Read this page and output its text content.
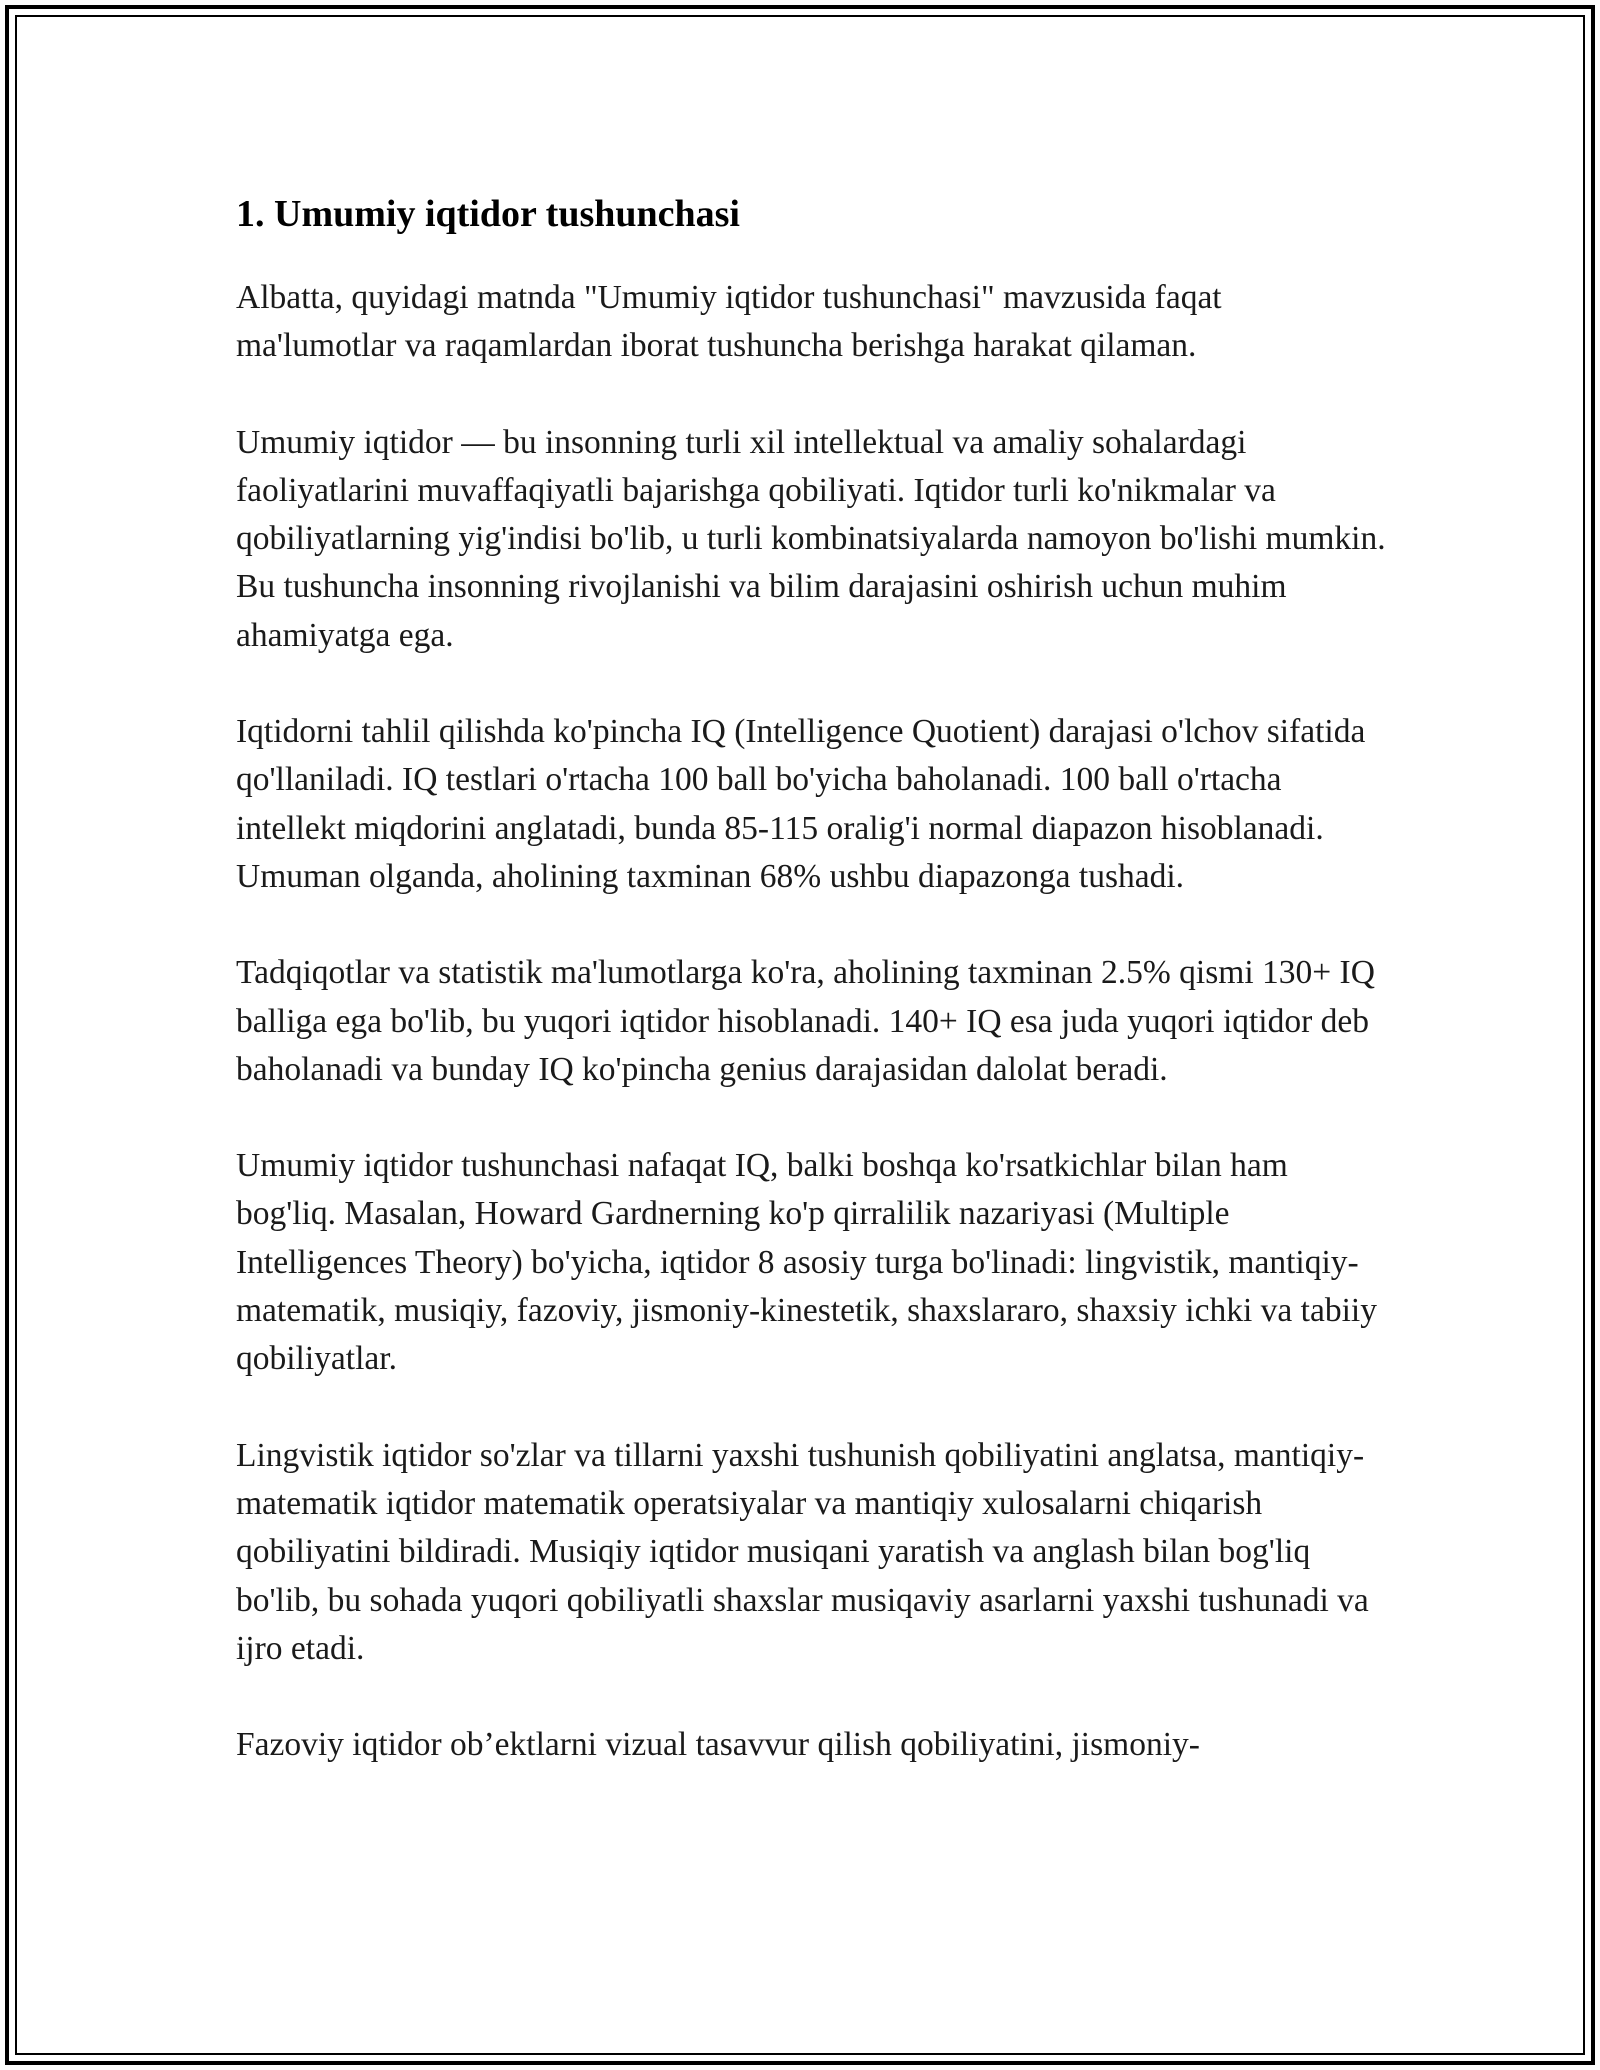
1. Umumiy iqtidor tushunchasi

Albatta, quyidagi matnda "Umumiy iqtidor tushunchasi" mavzusida faqat ma'lumotlar va raqamlardan iborat tushuncha berishga harakat qilaman.

Umumiy iqtidor — bu insonning turli xil intellektual va amaliy sohalardagi faoliyatlarini muvaffaqiyatli bajarishga qobiliyati. Iqtidor turli ko'nikmalar va qobiliyatlarning yig'indisi bo'lib, u turli kombinatsiyalarda namoyon bo'lishi mumkin. Bu tushuncha insonning rivojlanishi va bilim darajasini oshirish uchun muhim ahamiyatga ega.

Iqtidorni tahlil qilishda ko'pincha IQ (Intelligence Quotient) darajasi o'lchov sifatida qo'llaniladi. IQ testlari o'rtacha 100 ball bo'yicha baholanadi. 100 ball o'rtacha intellekt miqdorini anglatadi, bunda 85-115 oralig'i normal diapazon hisoblanadi. Umuman olganda, aholining taxminan 68% ushbu diapazonga tushadi.

Tadqiqotlar va statistik ma'lumotlarga ko'ra, aholining taxminan 2.5% qismi 130+ IQ balliga ega bo'lib, bu yuqori iqtidor hisoblanadi. 140+ IQ esa juda yuqori iqtidor deb baholanadi va bunday IQ ko'pincha genius darajasidan dalolat beradi.

Umumiy iqtidor tushunchasi nafaqat IQ, balki boshqa ko'rsatkichlar bilan ham bog'liq. Masalan, Howard Gardnerning ko'p qirralilik nazariyasi (Multiple Intelligences Theory) bo'yicha, iqtidor 8 asosiy turga bo'linadi: lingvistik, mantiqiy-matematik, musiqiy, fazoviy, jismoniy-kinestetik, shaxslararo, shaxsiy ichki va tabiiy qobiliyatlar.

Lingvistik iqtidor so'zlar va tillarni yaxshi tushunish qobiliyatini anglatsa, mantiqiy-matematik iqtidor matematik operatsiyalar va mantiqiy xulosalarni chiqarish qobiliyatini bildiradi. Musiqiy iqtidor musiqani yaratish va anglash bilan bog'liq bo'lib, bu sohada yuqori qobiliyatli shaxslar musiqaviy asarlarni yaxshi tushunadi va ijro etadi.

Fazoviy iqtidor ob’ektlarni vizual tasavvur qilish qobiliyatini, jismoniy-
